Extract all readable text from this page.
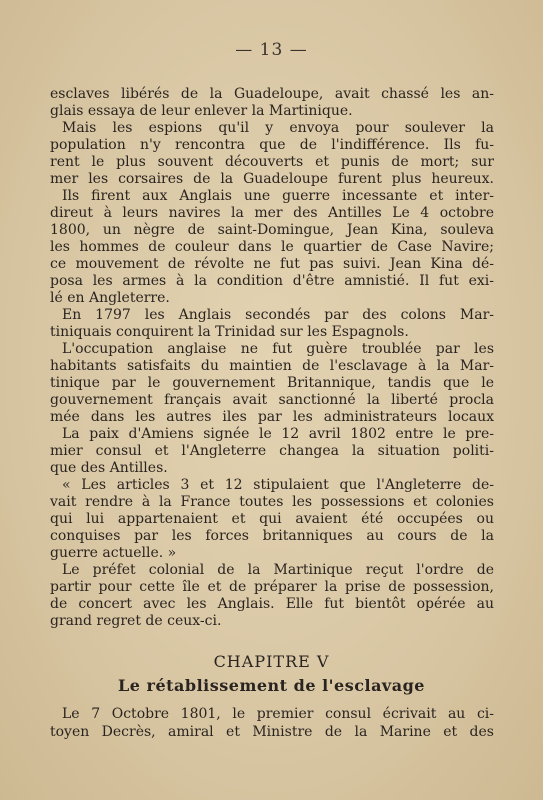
— 13 —
esclaves libérés de la Guadeloupe, avait chassé les an-
glais essaya de leur enlever la Martinique.
Mais les espions qu'il y envoya pour soulever la
population n'y rencontra que de l'indifférence. Ils fu-
rent le plus souvent découverts et punis de mort; sur
mer les corsaires de la Guadeloupe furent plus heureux.
Ils firent aux Anglais une guerre incessante et inter-
direut à leurs navires la mer des Antilles Le 4 octobre
1800, un nègre de saint-Domingue, Jean Kina, souleva
les hommes de couleur dans le quartier de Case Navire;
ce mouvement de révolte ne fut pas suivi. Jean Kina dé-
posa les armes à la condition d'être amnistié. Il fut exi-
lé en Angleterre.
En 1797 les Anglais secondés par des colons Mar-
tiniquais conquirent la Trinidad sur les Espagnols.
L'occupation anglaise ne fut guère troublée par les
habitants satisfaits du maintien de l'esclavage à la Mar-
tinique par le gouvernement Britannique, tandis que le
gouvernement français avait sanctionné la liberté procla
mée dans les autres iles par les administrateurs locaux
La paix d'Amiens signée le 12 avril 1802 entre le pre-
mier consul et l'Angleterre changea la situation politi-
que des Antilles.
« Les articles 3 et 12 stipulaient que l'Angleterre de-
vait rendre à la France toutes les possessions et colonies
qui lui appartenaient et qui avaient été occupées ou
conquises par les forces britanniques au cours de la
guerre actuelle. »
Le préfet colonial de la Martinique reçut l'ordre de
partir pour cette île et de préparer la prise de possession,
de concert avec les Anglais. Elle fut bientôt opérée au
grand regret de ceux-ci.
CHAPITRE V
Le rétablissement de l'esclavage
Le 7 Octobre 1801, le premier consul écrivait au ci-
toyen Decrès, amiral et Ministre de la Marine et des
